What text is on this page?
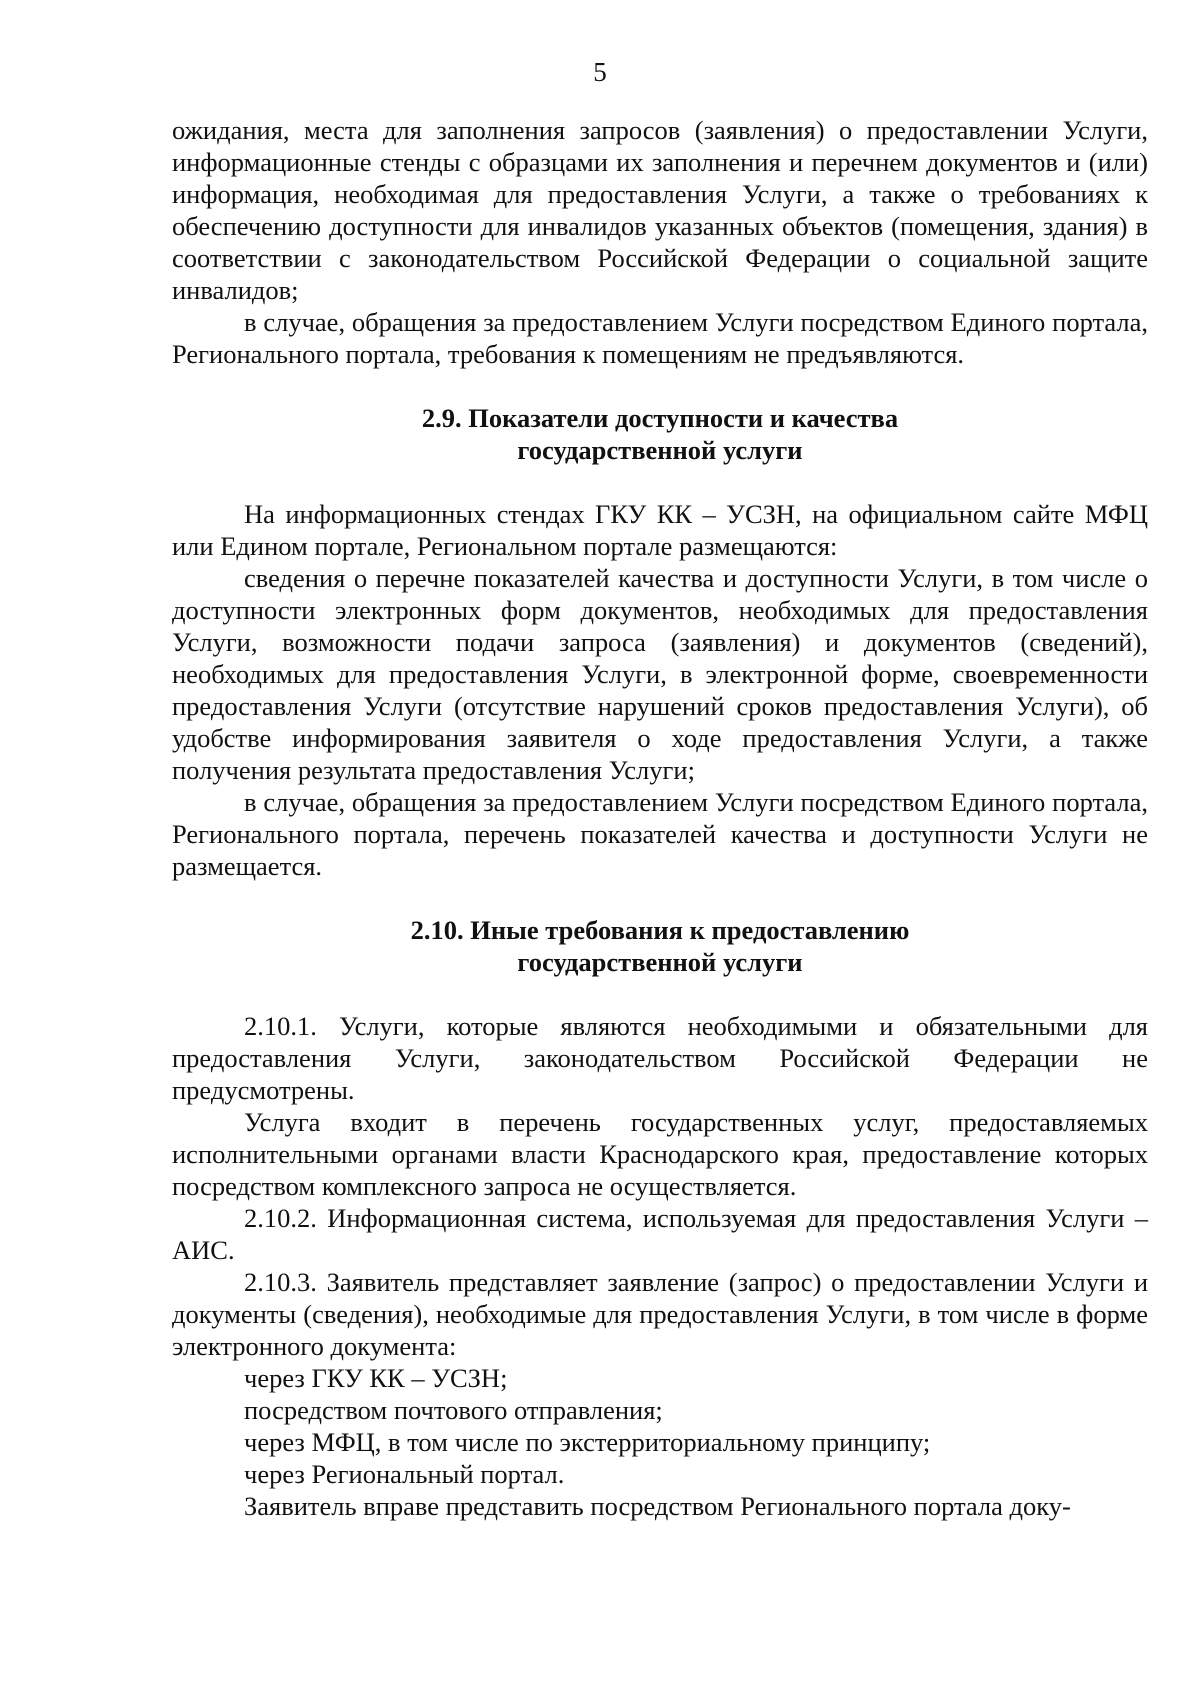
5

ожидания, места для заполнения запросов (заявления) о предоставлении Услуги, информационные стенды с образцами их заполнения и перечнем документов и (или) информация, необходимая для предоставления Услуги, а также о требованиях к обеспечению доступности для инвалидов указанных объектов (помещения, здания) в соответствии с законодательством Российской Федерации о социальной защите инвалидов;

в случае, обращения за предоставлением Услуги посредством Единого портала, Регионального портала, требования к помещениям не предъявляются.

2.9. Показатели доступности и качества
государственной услуги

На информационных стендах ГКУ КК – УСЗН, на официальном сайте МФЦ или Едином портале, Региональном портале размещаются:

сведения о перечне показателей качества и доступности Услуги, в том числе о доступности электронных форм документов, необходимых для предоставления Услуги, возможности подачи запроса (заявления) и документов (сведений), необходимых для предоставления Услуги, в электронной форме, своевременности предоставления Услуги (отсутствие нарушений сроков предоставления Услуги), об удобстве информирования заявителя о ходе предоставления Услуги, а также получения результата предоставления Услуги;

в случае, обращения за предоставлением Услуги посредством Единого портала, Регионального портала, перечень показателей качества и доступности Услуги не размещается.

2.10. Иные требования к предоставлению
государственной услуги

2.10.1. Услуги, которые являются необходимыми и обязательными для предоставления Услуги, законодательством Российской Федерации не предусмотрены.

Услуга входит в перечень государственных услуг, предоставляемых исполнительными органами власти Краснодарского края, предоставление которых посредством комплексного запроса не осуществляется.

2.10.2. Информационная система, используемая для предоставления Услуги – АИС.

2.10.3. Заявитель представляет заявление (запрос) о предоставлении Услуги и документы (сведения), необходимые для предоставления Услуги, в том числе в форме электронного документа:

через ГКУ КК – УСЗН;

посредством почтового отправления;

через МФЦ, в том числе по экстерриториальному принципу;

через Региональный портал.

Заявитель вправе представить посредством Регионального портала доку-
